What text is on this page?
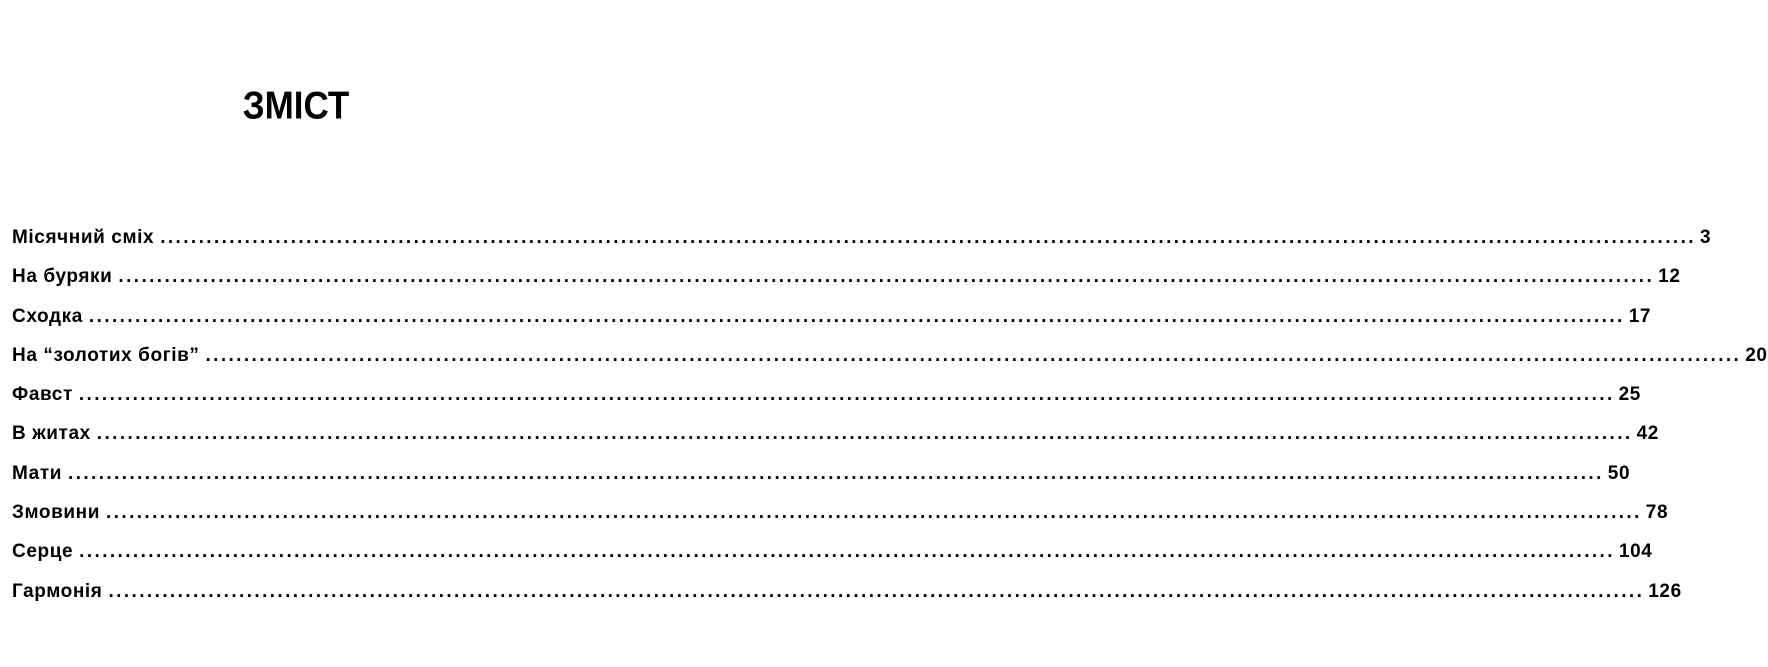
ЗМІСТ
Місячний сміх ........................................................................................................................................................................................................ 3
На буряки ........................................................................................................................................................................................................ 12
Сходка ........................................................................................................................................................................................................ 17
На “золотих богів” ........................................................................................................................................................................................................ 20
Фавст ........................................................................................................................................................................................................ 25
В житах ........................................................................................................................................................................................................ 42
Мати ........................................................................................................................................................................................................ 50
Змовини ........................................................................................................................................................................................................ 78
Серце ........................................................................................................................................................................................................ 104
Гармонія ........................................................................................................................................................................................................ 126
